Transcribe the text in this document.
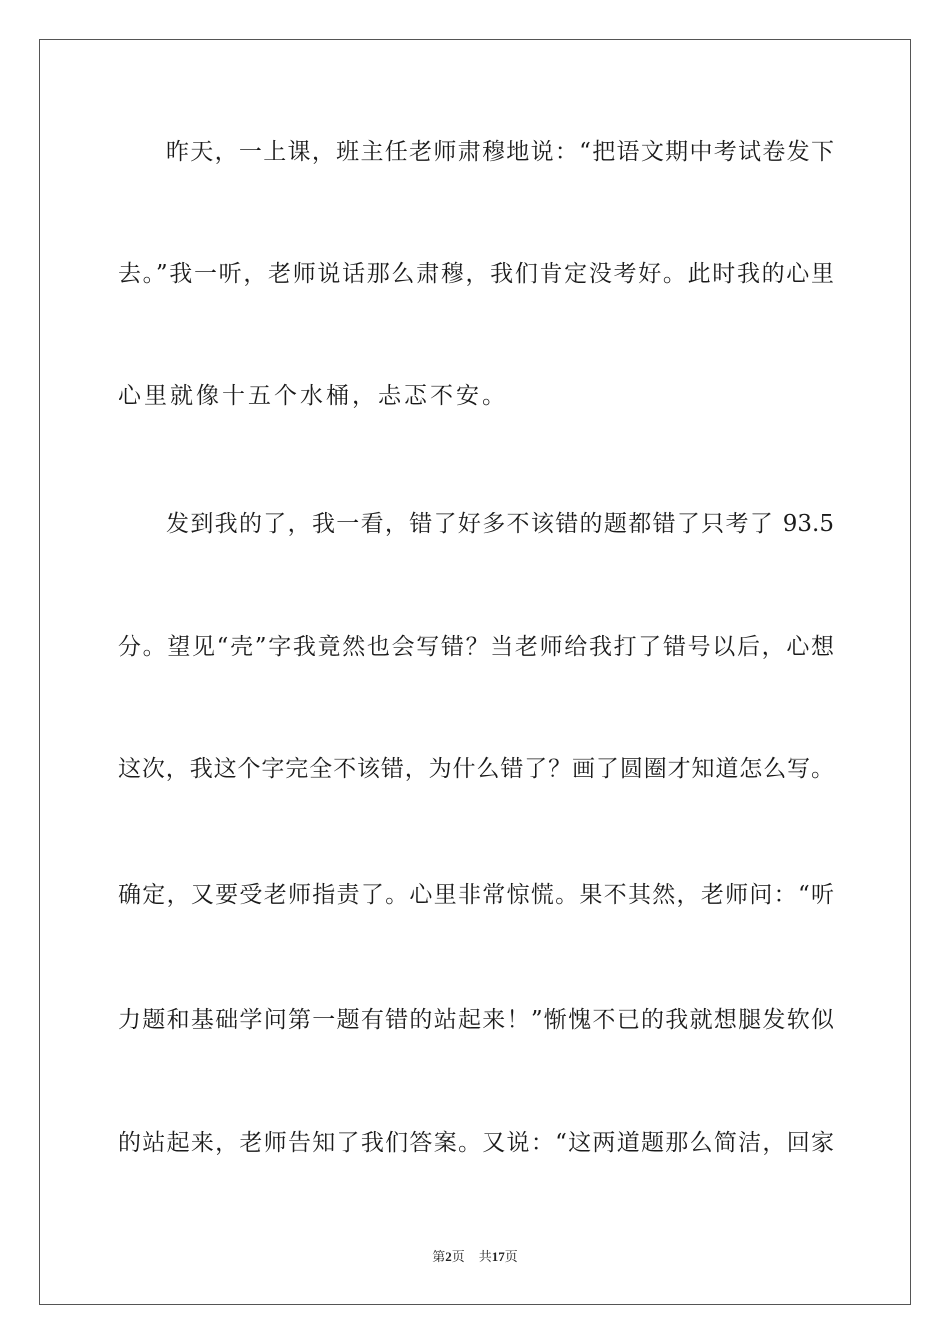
昨天，一上课，班主任老师肃穆地说：“把语文期中考试卷发下
去。”我一听，老师说话那么肃穆，我们肯定没考好。此时我的心里
心里就像十五个水桶，忐忑不安。
发到我的了，我一看，错了好多不该错的题都错了只考了 93.5
分。望见“壳”字我竟然也会写错？当老师给我打了错号以后，心想
这次，我这个字完全不该错，为什么错了？画了圆圈才知道怎么写。
确定，又要受老师指责了。心里非常惊慌。果不其然，老师问：“听
力题和基础学问第一题有错的站起来！”惭愧不已的我就想腿发软似
的站起来，老师告知了我们答案。又说：“这两道题那么简洁，回家
第2页 共17页
